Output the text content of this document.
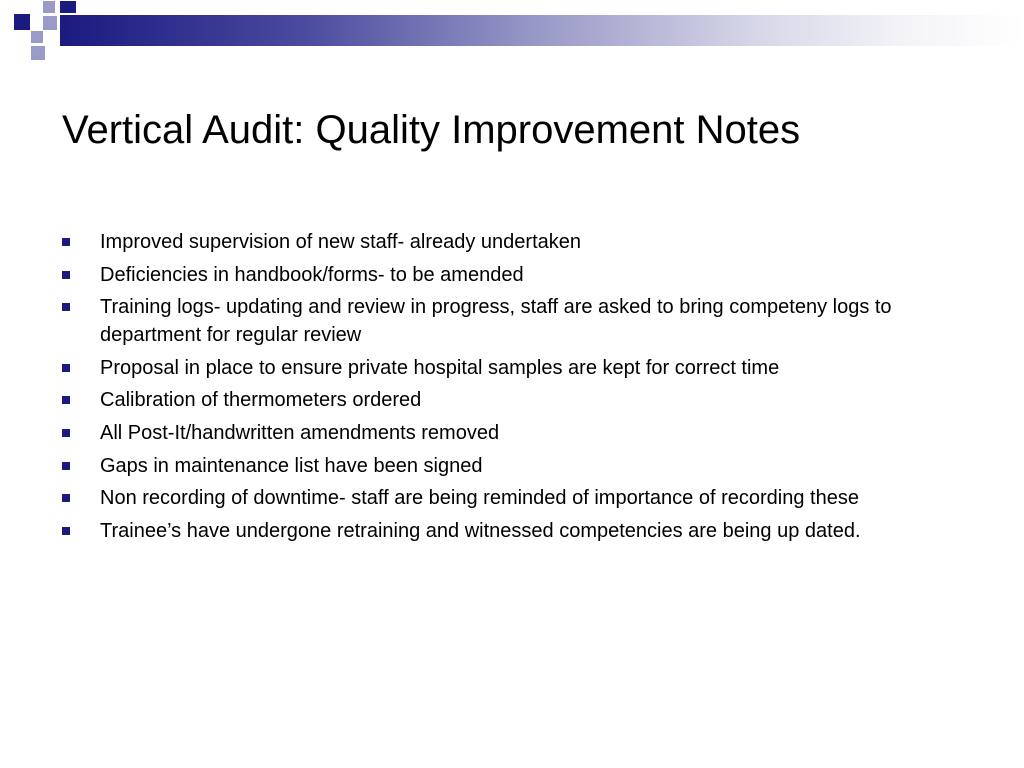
Vertical Audit: Quality Improvement Notes
Improved supervision of new staff- already undertaken
Deficiencies in handbook/forms- to be amended
Training logs- updating and review in progress, staff are asked to bring competeny logs to department for regular review
Proposal in place to ensure private hospital samples are kept for correct time
Calibration of thermometers ordered
All Post-It/handwritten amendments removed
Gaps in maintenance list have been signed
Non recording of downtime- staff are being reminded of importance of recording these
Trainee’s have undergone retraining and witnessed competencies are being up dated.
